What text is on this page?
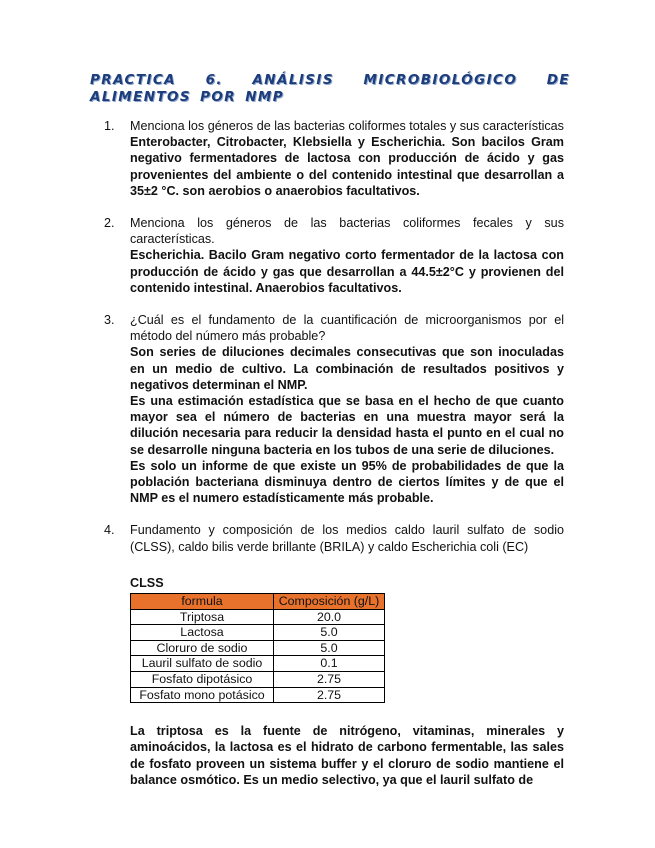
PRACTICA 6. ANÁLISIS MICROBIOLÓGICO DE ALIMENTOS POR NMP
1. Menciona los géneros de las bacterias coliformes totales y sus características
Enterobacter, Citrobacter, Klebsiella y Escherichia. Son bacilos Gram negativo fermentadores de lactosa con producción de ácido y gas provenientes del ambiente o del contenido intestinal que desarrollan a 35±2 °C. son aerobios o anaerobios facultativos.
2. Menciona los géneros de las bacterias coliformes fecales y sus características.
Escherichia. Bacilo Gram negativo corto fermentador de la lactosa con producción de ácido y gas que desarrollan a 44.5±2°C y provienen del contenido intestinal. Anaerobios facultativos.
3. ¿Cuál es el fundamento de la cuantificación de microorganismos por el método del número más probable?
Son series de diluciones decimales consecutivas que son inoculadas en un medio de cultivo. La combinación de resultados positivos y negativos determinan el NMP.
Es una estimación estadística que se basa en el hecho de que cuanto mayor sea el número de bacterias en una muestra mayor será la dilución necesaria para reducir la densidad hasta el punto en el cual no se desarrolle ninguna bacteria en los tubos de una serie de diluciones.
Es solo un informe de que existe un 95% de probabilidades de que la población bacteriana disminuya dentro de ciertos límites y de que el NMP es el numero estadísticamente más probable.
4. Fundamento y composición de los medios caldo lauril sulfato de sodio (CLSS), caldo bilis verde brillante (BRILA) y caldo Escherichia coli (EC)
CLSS
formula	Composición (g/L)
Triptosa	20.0
Lactosa	5.0
Cloruro de sodio	5.0
Lauril sulfato de sodio	0.1
Fosfato dipotásico	2.75
Fosfato mono potásico	2.75
La triptosa es la fuente de nitrógeno, vitaminas, minerales y aminoácidos, la lactosa es el hidrato de carbono fermentable, las sales de fosfato proveen un sistema buffer y el cloruro de sodio mantiene el balance osmótico. Es un medio selectivo, ya que el lauril sulfato de
